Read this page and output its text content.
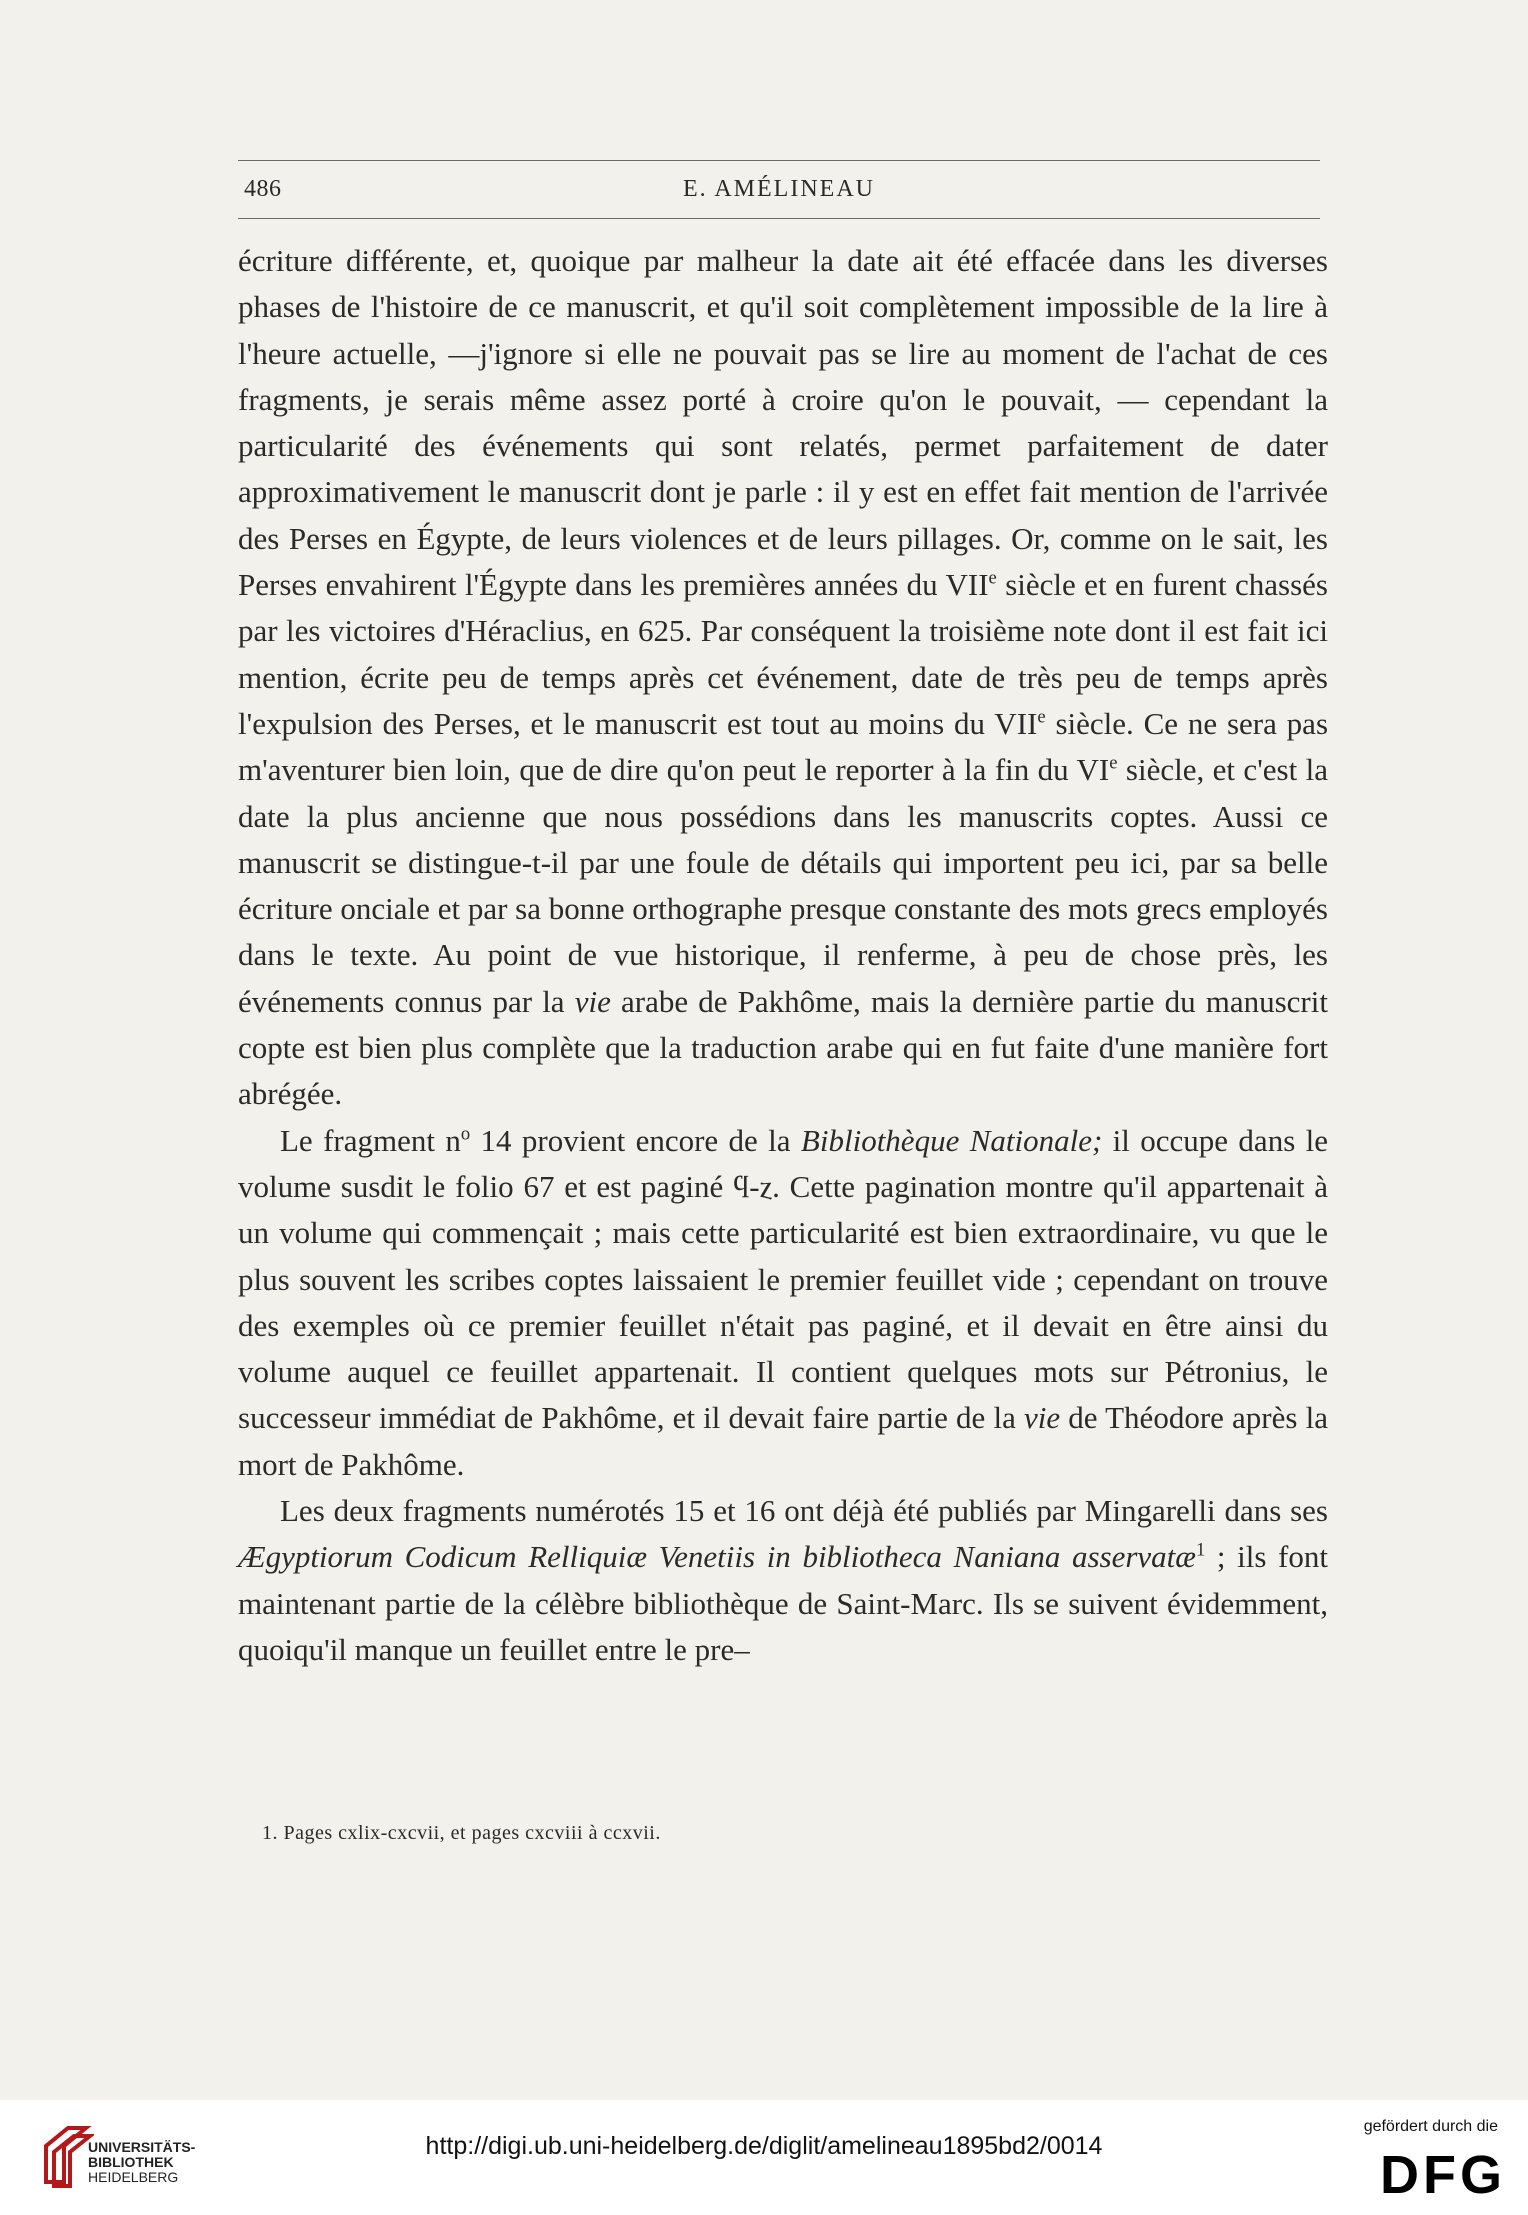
486	E. AMÉLINEAU

écriture différente, et, quoique par malheur la date ait été effacée dans les diverses phases de l'histoire de ce manuscrit, et qu'il soit complètement impossible de la lire à l'heure actuelle, —j'ignore si elle ne pouvait pas se lire au moment de l'achat de ces fragments, je serais même assez porté à croire qu'on le pouvait, — cependant la particularité des événements qui sont relatés, permet parfaitement de dater approximativement le manuscrit dont je parle : il y est en effet fait mention de l'arrivée des Perses en Égypte, de leurs violences et de leurs pillages. Or, comme on le sait, les Perses envahirent l'Égypte dans les premières années du VIIe siècle et en furent chassés par les victoires d'Héraclius, en 625. Par conséquent la troisième note dont il est fait ici mention, écrite peu de temps après cet événement, date de très peu de temps après l'expulsion des Perses, et le manuscrit est tout au moins du VIIe siècle. Ce ne sera pas m'aventurer bien loin, que de dire qu'on peut le reporter à la fin du VIe siècle, et c'est la date la plus ancienne que nous possédions dans les manuscrits coptes. Aussi ce manuscrit se distingue-t-il par une foule de détails qui importent peu ici, par sa belle écriture onciale et par sa bonne orthographe presque constante des mots grecs employés dans le texte. Au point de vue historique, il renferme, à peu de chose près, les événements connus par la vie arabe de Pakhôme, mais la dernière partie du manuscrit copte est bien plus complète que la traduction arabe qui en fut faite d'une manière fort abrégée.

Le fragment $n^o$ 14 provient encore de la Bibliothèque Nationale; il occupe dans le volume susdit le folio 67 et est paginé ϥ-ⲍ. Cette pagination montre qu'il appartenait à un volume qui commençait ; mais cette particularité est bien extraordinaire, vu que le plus souvent les scribes coptes laissaient le premier feuillet vide ; cependant on trouve des exemples où ce premier feuillet n'était pas paginé, et il devait en être ainsi du volume auquel ce feuillet appartenait. Il contient quelques mots sur Pétronius, le successeur immédiat de Pakhôme, et il devait faire partie de la vie de Théodore après la mort de Pakhôme.

Les deux fragments numérotés 15 et 16 ont déjà été publiés par Mingarelli dans ses Ægyptiorum Codicum Relliquiæ Venetiis in bibliotheca Naniana asservatæ$^1$ ; ils font maintenant partie de la célèbre bibliothèque de Saint-Marc. Ils se suivent évidemment, quoiqu'il manque un feuillet entre le pre–

1. Pages cxlix-cxcvii, et pages cxcviii à ccxvii.
UNIVERSITÄTS-
BIBLIOTHEK
HEIDELBERG
http://digi.ub.uni-heidelberg.de/diglit/amelineau1895bd2/0014
gefördert durch die
DFG
